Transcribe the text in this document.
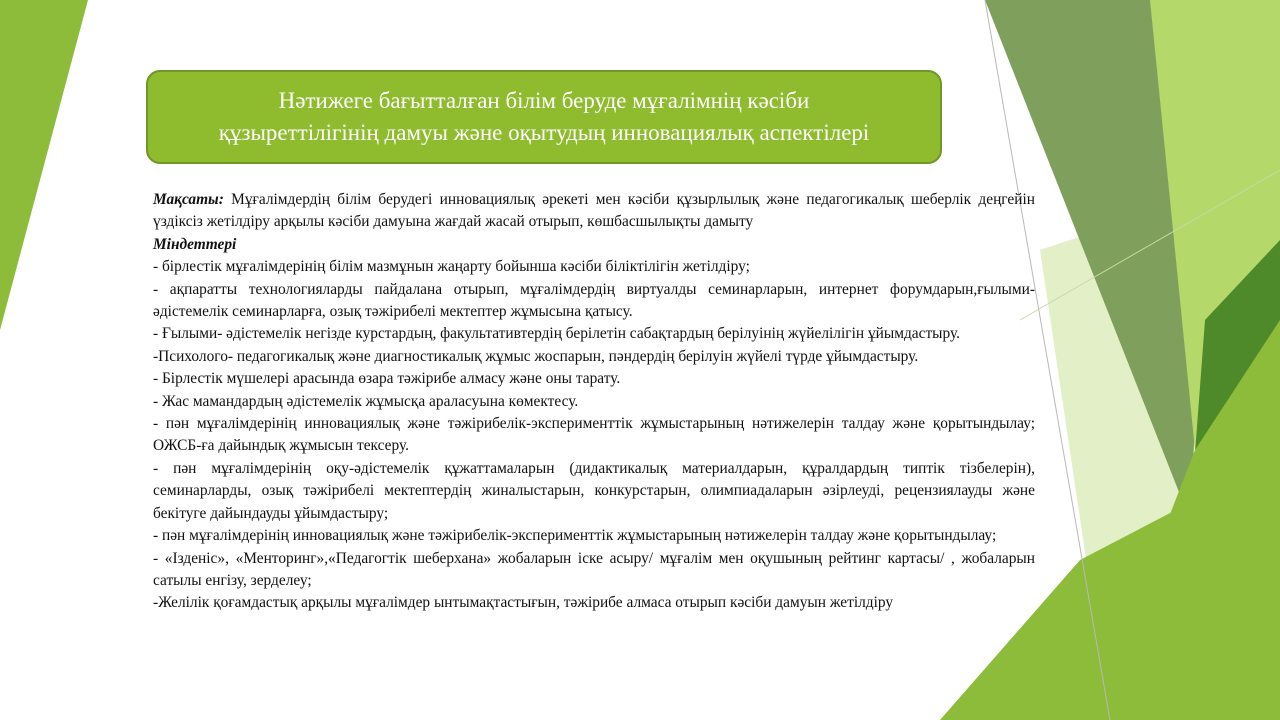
Нәтижеге бағытталған білім беруде мұғалімнің кәсіби
құзыреттілігінің дамуы және оқытудың инновациялық аспектілері

Мақсаты: Мұғалімдердің білім берудегі инновациялық әрекеті мен кәсіби құзырлылық және педагогикалық шеберлік деңгейін үздіксіз жетілдіру арқылы кәсіби дамуына жағдай жасай отырып, көшбасшылықты дамыту

Міндеттері

- бірлестік мұғалімдерінің білім мазмұнын жаңарту бойынша кәсіби біліктілігін жетілдіру;

- ақпаратты технологияларды пайдалана отырып, мұғалімдердің виртуалды семинарларын, интернет форумдарын,ғылыми- әдістемелік семинарларға, озық тәжірибелі мектептер жұмысына қатысу.

- Ғылыми- әдістемелік негізде курстардың, факультативтердің берілетін сабақтардың берілуінің жүйелілігін ұйымдастыру.

-Психолого- педагогикалық және диагностикалық жұмыс жоспарын, пәндердің берілуін жүйелі түрде ұйымдастыру.

- Бірлестік мүшелері арасында өзара тәжірибе алмасу және оны тарату.

- Жас мамандардың әдістемелік жұмысқа араласуына көмектесу.

- пән мұғалімдерінің инновациялық және тәжірибелік-эксперименттік жұмыстарының нәтижелерін талдау және қорытындылау; ОЖСБ-ға дайындық жұмысын тексеру.

- пән мұғалімдерінің оқу-әдістемелік құжаттамаларын (дидактикалық материалдарын, құралдардың типтік тізбелерін), семинарларды, озық тәжірибелі мектептердің жиналыстарын, конкурстарын, олимпиадаларын әзірлеуді, рецензиялауды және бекітуге дайындауды ұйымдастыру;

- пән мұғалімдерінің инновациялық және тәжірибелік-эксперименттік жұмыстарының нәтижелерін талдау және қорытындылау;

- «Ізденіс», «Менторинг»,«Педагогтік шеберхана» жобаларын іске асыру/ мұғалім мен оқушының рейтинг картасы/ , жобаларын сатылы енгізу, зерделеу;

-Желілік қоғамдастық арқылы мұғалімдер ынтымақтастығын, тәжірибе алмаса отырып кәсіби дамуын жетілдіру
